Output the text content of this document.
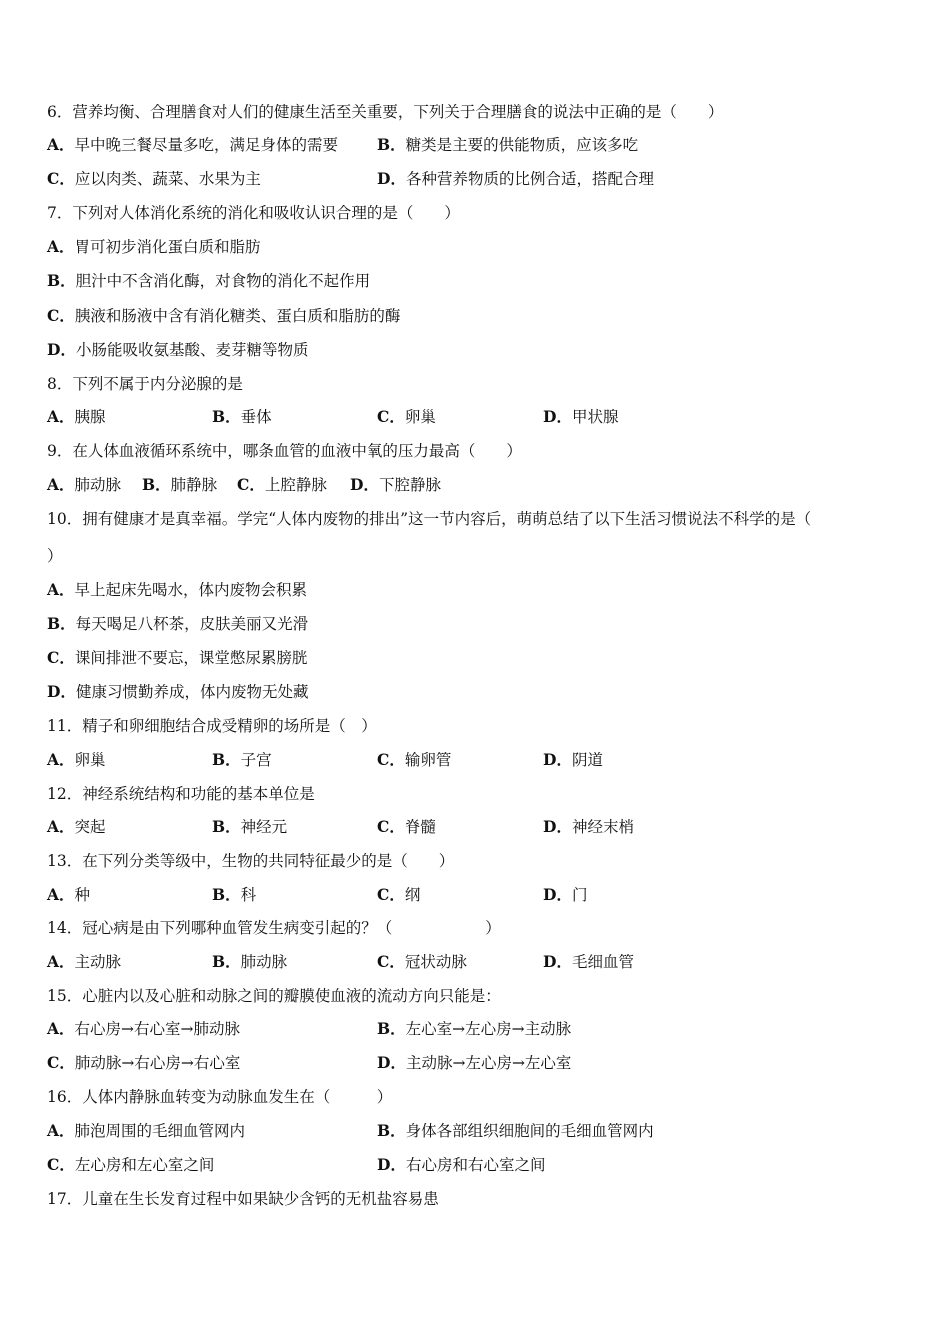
6．营养均衡、合理膳食对人们的健康生活至关重要，下列关于合理膳食的说法中正确的是（　　）
A．早中晚三餐尽量多吃，满足身体的需要	B．糖类是主要的供能物质，应该多吃
C．应以肉类、蔬菜、水果为主	D．各种营养物质的比例合适，搭配合理
7．下列对人体消化系统的消化和吸收认识合理的是（　　）
A．胃可初步消化蛋白质和脂肪
B．胆汁中不含消化酶，对食物的消化不起作用
C．胰液和肠液中含有消化糖类、蛋白质和脂肪的酶
D．小肠能吸收氨基酸、麦芽糖等物质
8．下列不属于内分泌腺的是
A．胰腺	B．垂体	C．卵巢	D．甲状腺
9．在人体血液循环系统中，哪条血管的血液中氧的压力最高（　　）
A．肺动脉 B．肺静脉 C．上腔静脉 D．下腔静脉
10．拥有健康才是真幸福。学完“人体内废物的排出”这一节内容后，萌萌总结了以下生活习惯说法不科学的是（
）
A．早上起床先喝水，体内废物会积累
B．每天喝足八杯茶，皮肤美丽又光滑
C．课间排泄不要忘，课堂憋尿累膀胱
D．健康习惯勤养成，体内废物无处藏
11．精子和卵细胞结合成受精卵的场所是（　）
A．卵巢	B．子宫	C．输卵管	D．阴道
12．神经系统结构和功能的基本单位是
A．突起	B．神经元	C．脊髓	D．神经末梢
13．在下列分类等级中，生物的共同特征最少的是（　　）
A．种	B．科	C．纲	D．门
14．冠心病是由下列哪种血管发生病变引起的？（　　　　　　）
A．主动脉	B．肺动脉	C．冠状动脉	D．毛细血管
15．心脏内以及心脏和动脉之间的瓣膜使血液的流动方向只能是：
A．右心房→右心室→肺动脉	B．左心室→左心房→主动脉
C．肺动脉→右心房→右心室	D．主动脉→左心房→左心室
16．人体内静脉血转变为动脉血发生在（　　　）
A．肺泡周围的毛细血管网内	B．身体各部组织细胞间的毛细血管网内
C．左心房和左心室之间	D．右心房和右心室之间
17．儿童在生长发育过程中如果缺少含钙的无机盐容易患
